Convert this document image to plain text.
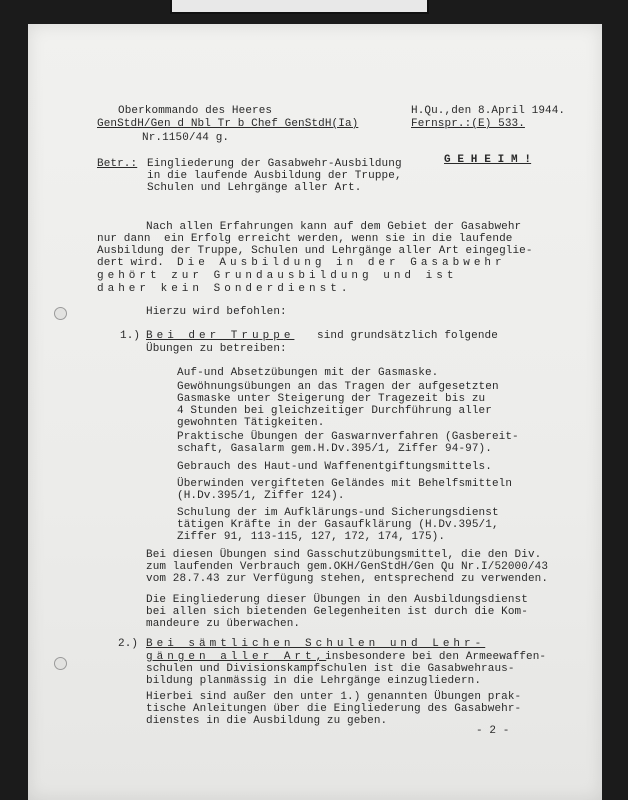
Oberkommando des Heeres
GenStdH/Gen d Nbl Tr b Chef GenStdH(Ia)
Nr.1150/44 g.
H.Qu.,den 8.April 1944.
Fernspr.:(E) 533.
Betr.: Eingliederung der Gasabwehr-Ausbildung
in die laufende Ausbildung der Truppe,
Schulen und Lehrgänge aller Art.
G E H E I M !
Nach allen Erfahrungen kann auf dem Gebiet der Gasabwehr
nur dann  ein Erfolg erreicht werden, wenn sie in die laufende
Ausbildung der Truppe, Schulen und Lehrgänge aller Art eingeglie-
dert wird. Die Ausbildung in der Gasabwehr
gehört zur Grundausbildung und ist
daher kein Sonderdienst.
Hierzu wird befohlen:
1.) Bei der Truppe sind grundsätzlich folgende
Übungen zu betreiben:
Auf-und Absetzübungen mit der Gasmaske.
Gewöhnungsübungen an das Tragen der aufgesetzten
Gasmaske unter Steigerung der Tragezeit bis zu
4 Stunden bei gleichzeitiger Durchführung aller
gewohnten Tätigkeiten.
Praktische Übungen der Gaswarnverfahren (Gasbereit-
schaft, Gasalarm gem.H.Dv.395/1, Ziffer 94-97).
Gebrauch des Haut-und Waffenentgiftungsmittels.
Überwinden vergifteten Geländes mit Behelfsmitteln
(H.Dv.395/1, Ziffer 124).
Schulung der im Aufklärungs-und Sicherungsdienst
tätigen Kräfte in der Gasaufklärung (H.Dv.395/1,
Ziffer 91, 113-115, 127, 172, 174, 175).
Bei diesen Übungen sind Gasschutzübungsmittel, die den Div.
zum laufenden Verbrauch gem.OKH/GenStdH/Gen Qu Nr.I/52000/43
vom 28.7.43 zur Verfügung stehen, entsprechend zu verwenden.
Die Eingliederung dieser Übungen in den Ausbildungsdienst
bei allen sich bietenden Gelegenheiten ist durch die Kom-
mandeure zu überwachen.
2.) Bei sämtlichen Schulen und Lehr-
gängen aller Art,
insbesondere bei den Armeewaffen-
schulen und Divisionskampfschulen ist die Gasabwehraus-
bildung planmässig in die Lehrgänge einzugliedern.
Hierbei sind außer den unter 1.) genannten Übungen prak-
tische Anleitungen über die Eingliederung des Gasabwehr-
dienstes in die Ausbildung zu geben.
- 2 -
